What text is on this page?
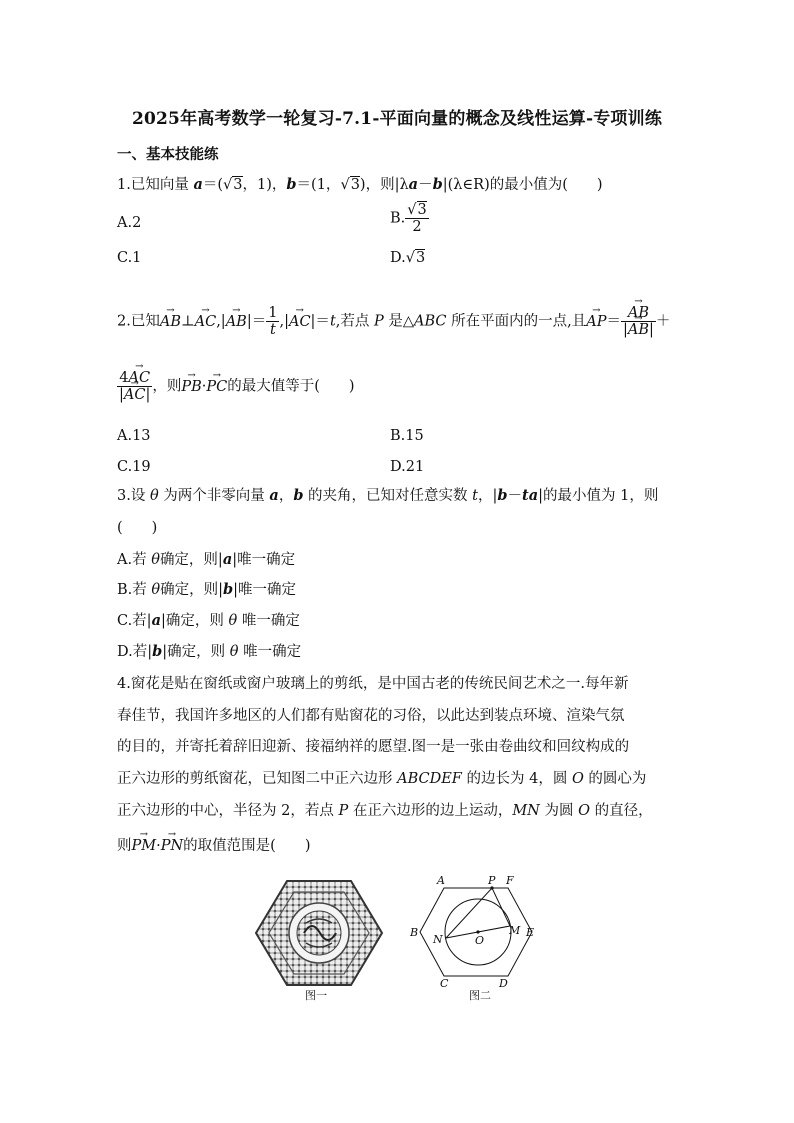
2025年高考数学一轮复习-7.1-平面向量的概念及线性运算-专项训练
一、基本技能练
1.已知向量 a＝(√3，1)，b＝(1，√3)，则|λa－b|(λ∈R)的最小值为(　　)
A.2	B. $\frac{√3}{2}$
C.1	D.√3
2.已知→ AB⊥→ $AC,|\to AB|= \frac{1}{t}$ ,|→ AC|＝t,若点 P 是△ABC 所在平面内的一点,且→ AP＝
→ $\frac{AB}{|\to AB|}$ ＋
$\frac{4\to AC}{|\to AC|}$ ，则→ PB·→ PC的最大值等于(　　)
A.13	B.15
C.19	D.21
3.设 θ 为两个非零向量 a，b 的夹角，已知对任意实数 t，|b－ta|的最小值为 1，则
(　　)
A.若 θ确定，则|a|唯一确定
B.若 θ确定，则|b|唯一确定
C.若|a|确定，则 θ 唯一确定
D.若|b|确定，则 θ 唯一确定
4.窗花是贴在窗纸或窗户玻璃上的剪纸，是中国古老的传统民间艺术之一.每年新
春佳节，我国许多地区的人们都有贴窗花的习俗，以此达到装点环境、渲染气氛
的目的，并寄托着辞旧迎新、接福纳祥的愿望.图一是一张由卷曲纹和回纹构成的
正六边形的剪纸窗花，已知图二中正六边形 ABCDEF 的边长为 4，圆 O 的圆心为
正六边形的中心，半径为 2，若点 P 在正六边形的边上运动，MN 为圆 O 的直径，
则→ PM·→ PN的取值范围是(　　)
图一
A	P F
B
N	O
M E
C	D
图二
